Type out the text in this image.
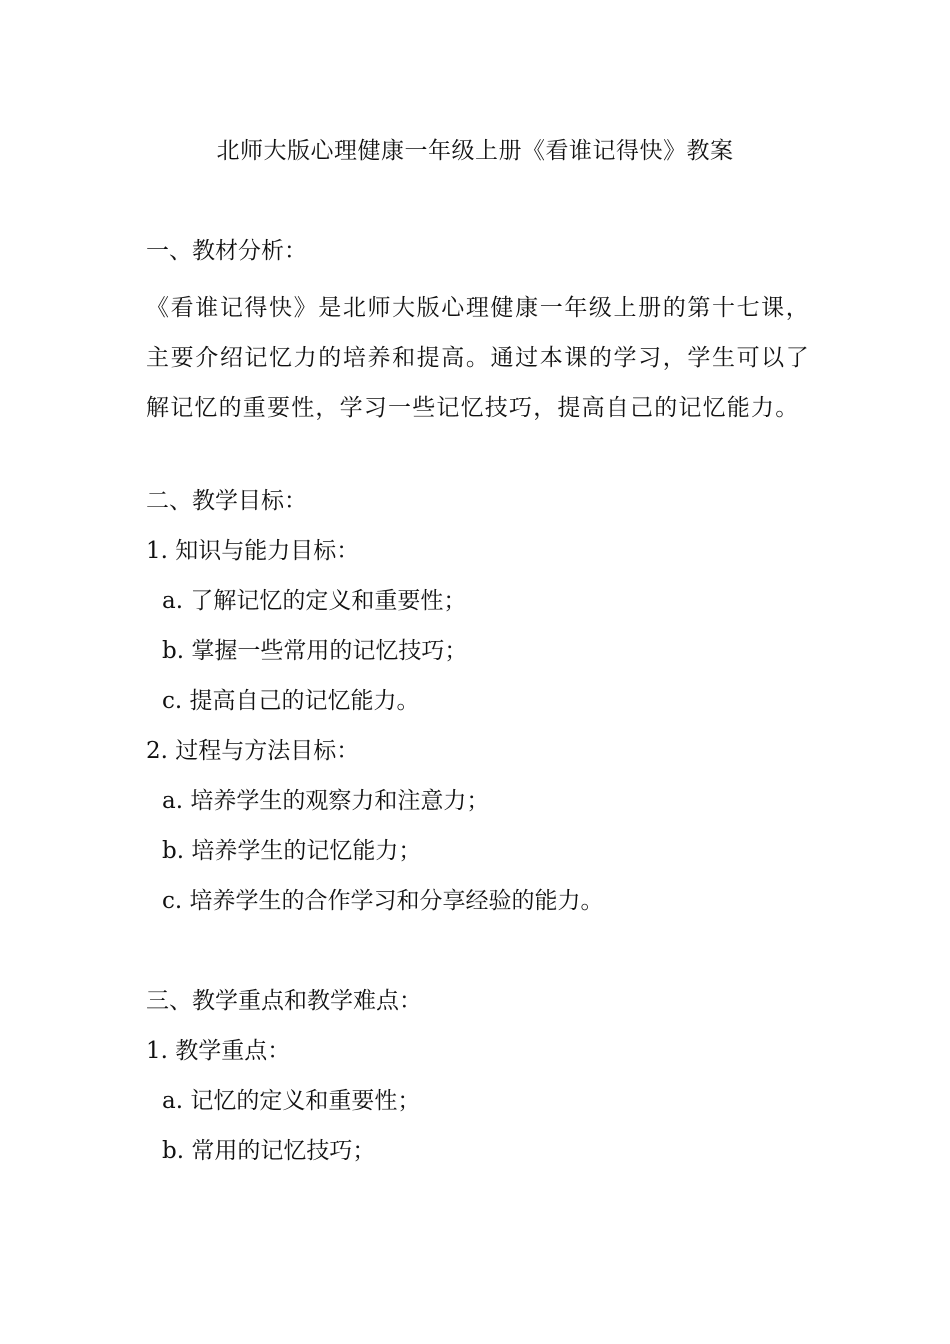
北师大版心理健康一年级上册《看谁记得快》教案
一、教材分析：

《看谁记得快》是北师大版心理健康一年级上册的第十七课，主要介绍记忆力的培养和提高。通过本课的学习，学生可以了解记忆的重要性，学习一些记忆技巧，提高自己的记忆能力。

二、教学目标：
1. 知识与能力目标：
a. 了解记忆的定义和重要性；
b. 掌握一些常用的记忆技巧；
c. 提高自己的记忆能力。
2. 过程与方法目标：
a. 培养学生的观察力和注意力；
b. 培养学生的记忆能力；
c. 培养学生的合作学习和分享经验的能力。
三、教学重点和教学难点：
1. 教学重点：
a. 记忆的定义和重要性；
b. 常用的记忆技巧；
